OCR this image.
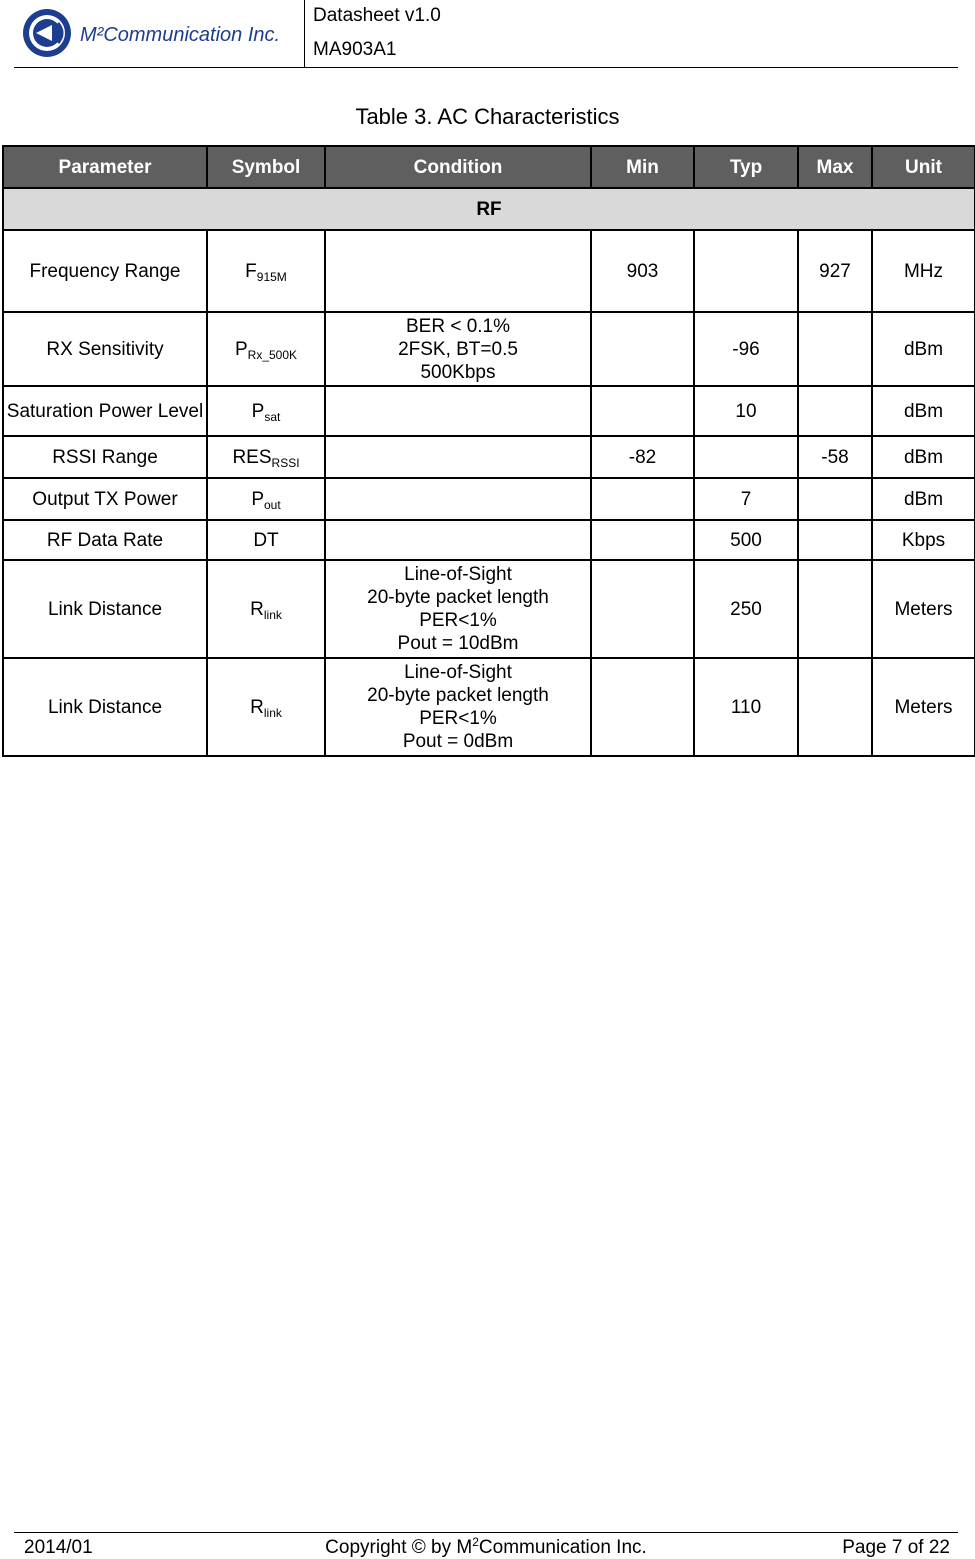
M²Communication Inc.
Datasheet v1.0
MA903A1
Table 3. AC Characteristics
Parameter	Symbol	Condition	Min	Typ	Max	Unit
RF						
Frequency Range	$F_{915M}$		903		927	MHz
RX Sensitivity	$P_{Rx\_500K}$	BER < 0.1%
2FSK, BT=0.5
500Kbps		-96		dBm
Saturation Power Level	$P_{sat}$			10		dBm
RSSI Range	$RES_{RSSI}$		-82		-58	dBm
Output TX Power	$P_{out}$			7		dBm
RF Data Rate	DT			500		Kbps
Link Distance	$R_{link}$	Line-of-Sight
20-byte packet length
PER<1%
Pout = 10dBm		250		Meters
Link Distance	$R_{link}$	Line-of-Sight
20-byte packet length
PER<1%
Pout = 0dBm		110		Meters
2014/01	Copyright © by $M^2Communication$ Inc.	Page 7 of 22
